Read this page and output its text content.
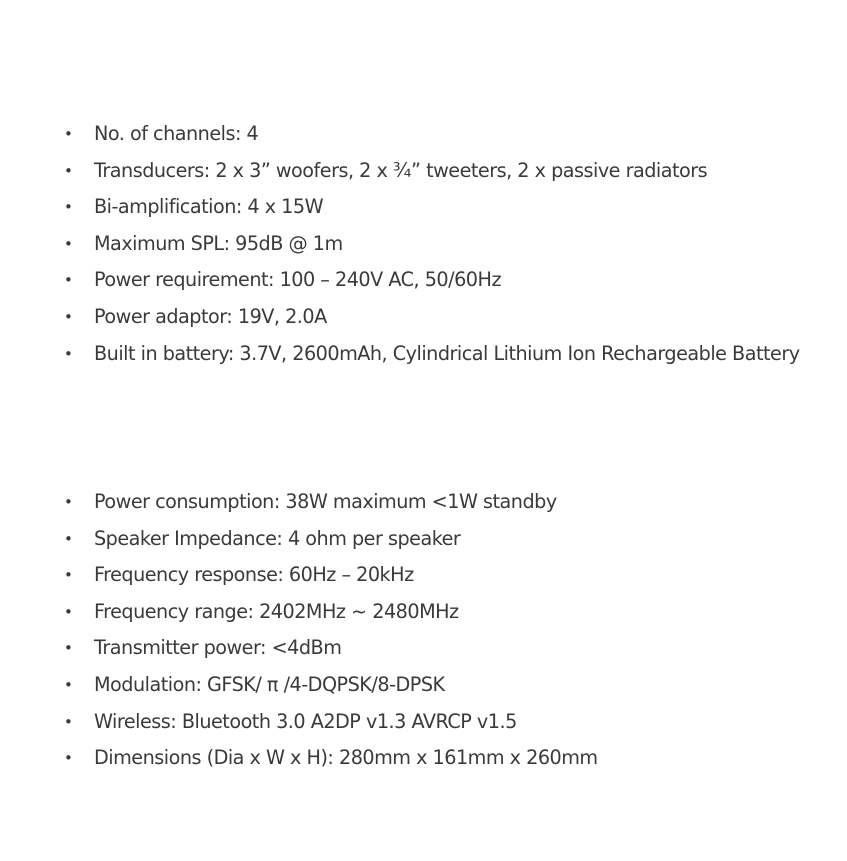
• No. of channels: 4
• Transducers: 2 x 3” woofers, 2 x ¾” tweeters, 2 x passive radiators
• Bi-amplification: 4 x 15W
• Maximum SPL: 95dB @ 1m
• Power requirement: 100 – 240V AC, 50/60Hz
• Power adaptor: 19V, 2.0A
• Built in battery: 3.7V, 2600mAh, Cylindrical Lithium Ion Rechargeable Battery
• Power consumption: 38W maximum <1W standby
• Speaker Impedance: 4 ohm per speaker
• Frequency response: 60Hz – 20kHz
• Frequency range: 2402MHz ~ 2480MHz
• Transmitter power: <4dBm
• Modulation: GFSK/ π /4-DQPSK/8-DPSK
• Wireless: Bluetooth 3.0 A2DP v1.3 AVRCP v1.5
• Dimensions (Dia x W x H): 280mm x 161mm x 260mm
